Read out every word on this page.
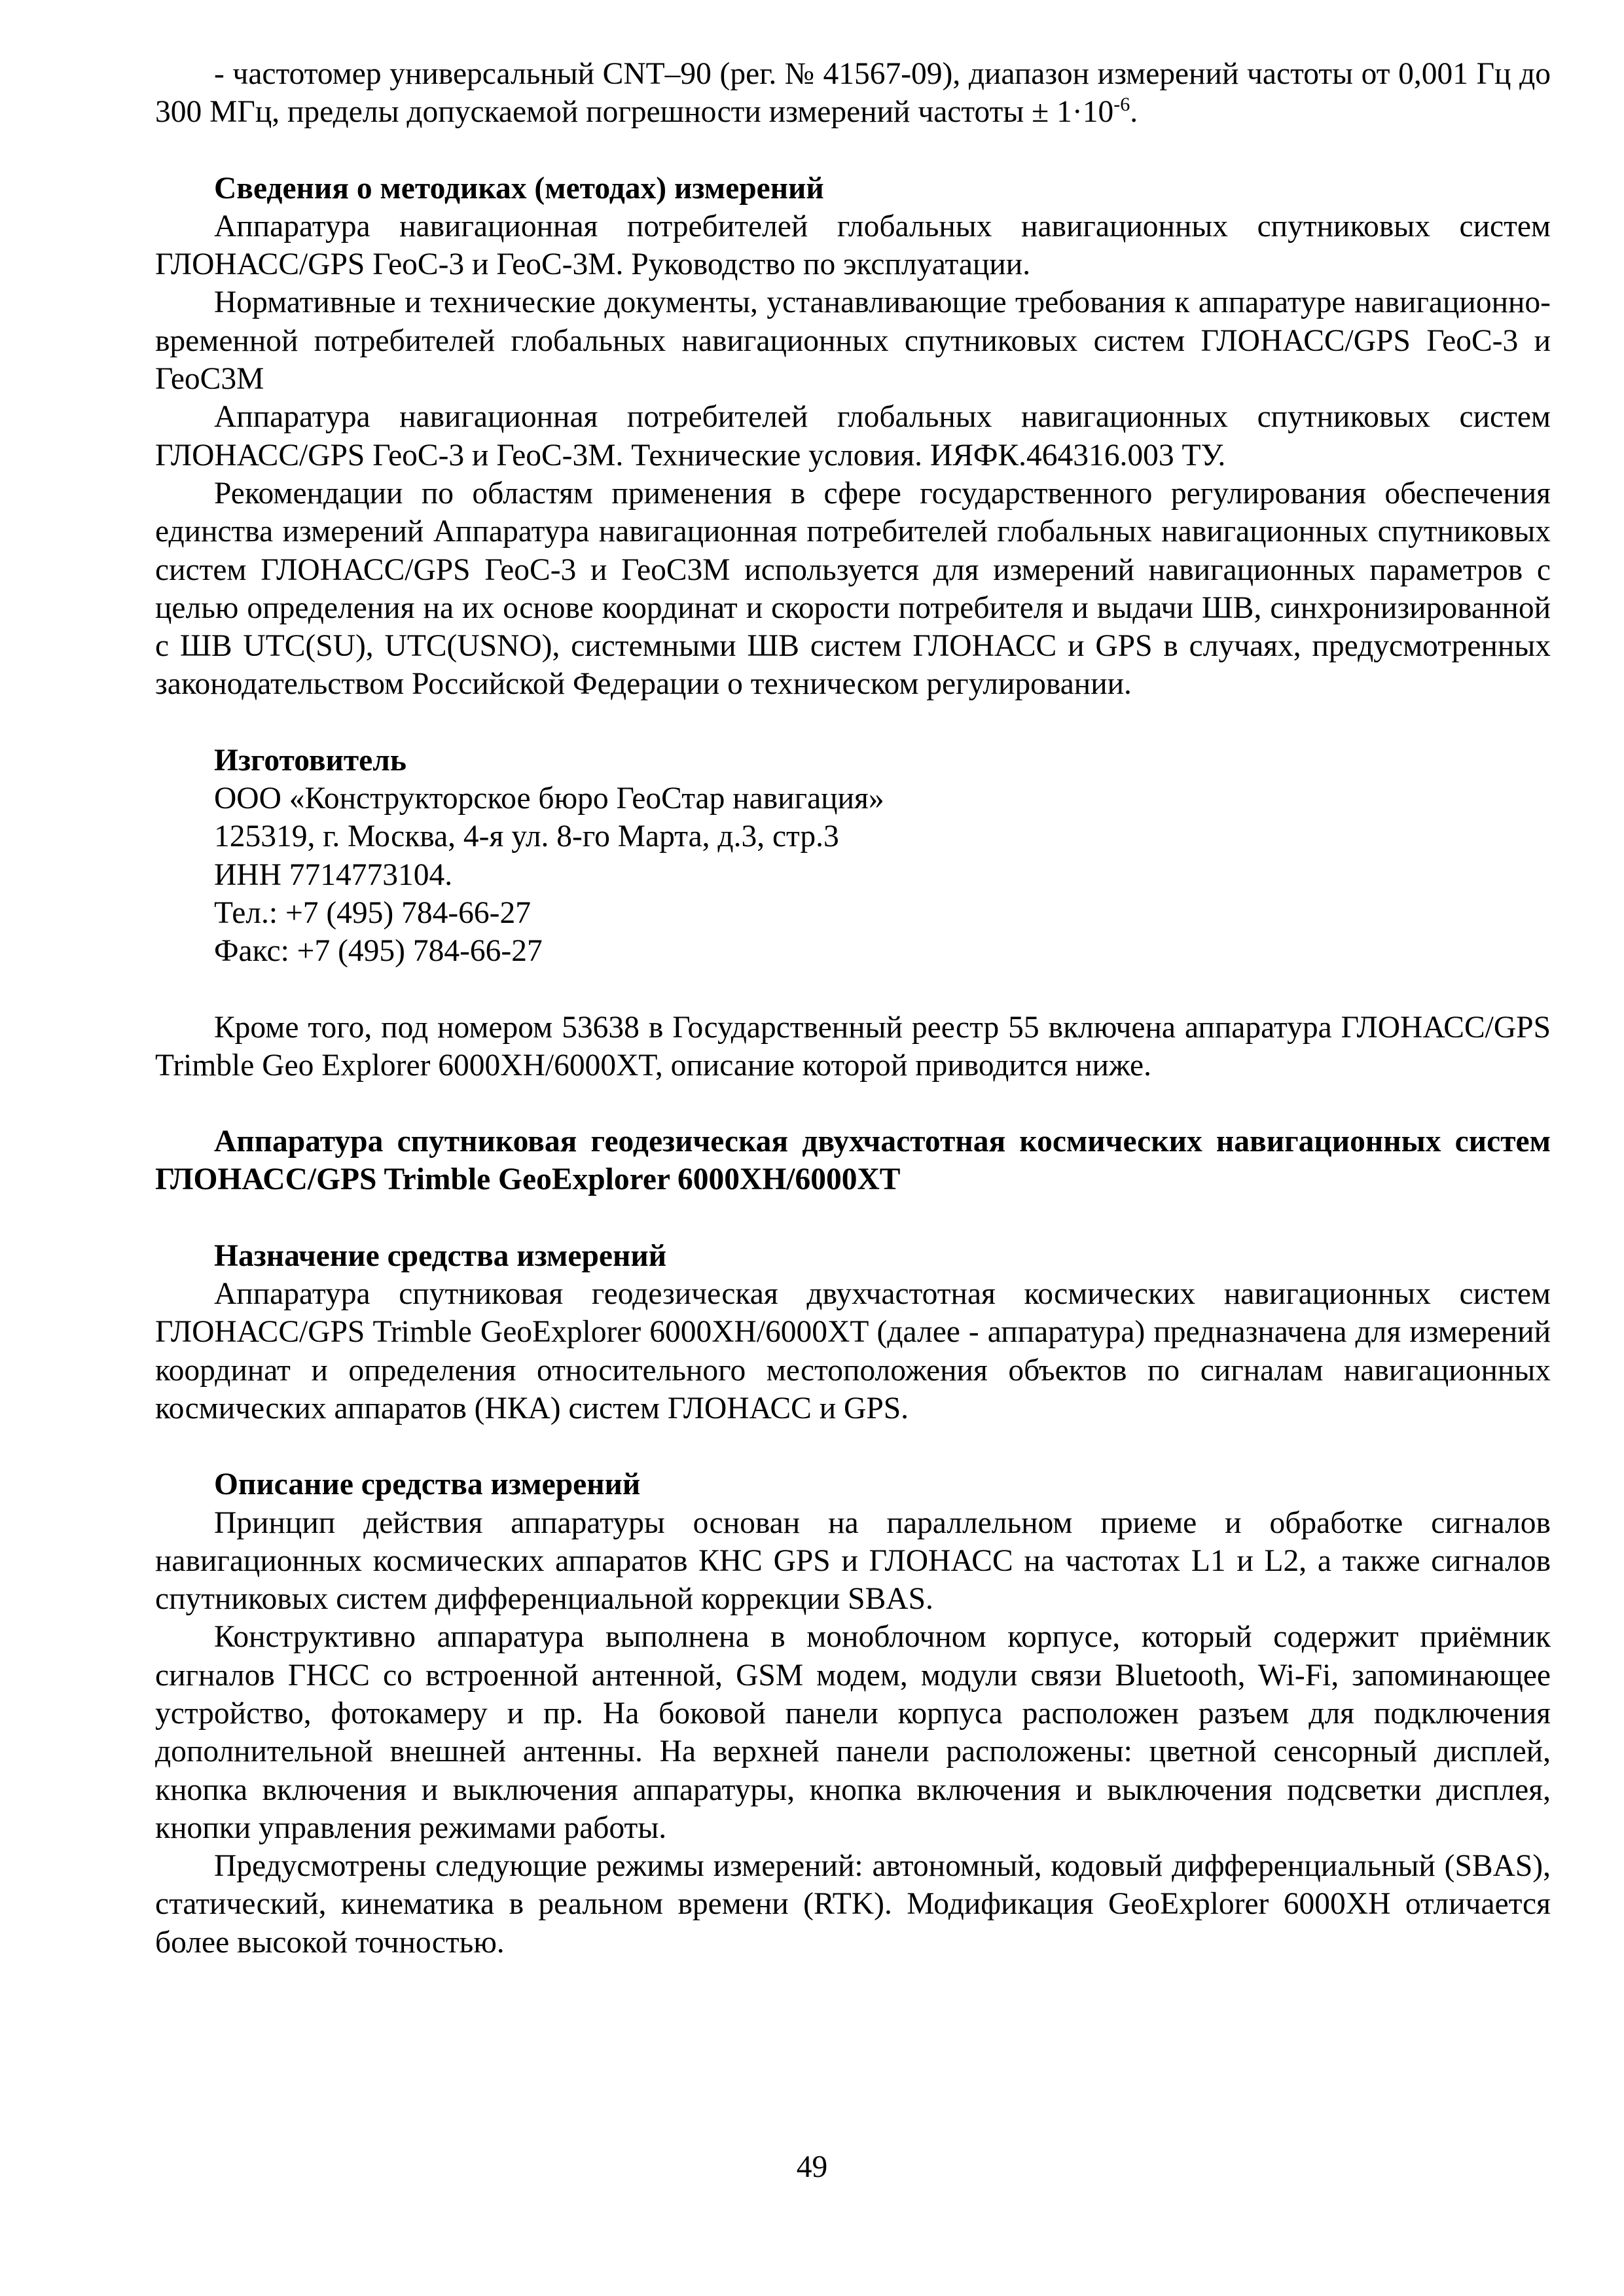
- частотомер универсальный CNT–90 (рег. № 41567-09), диапазон измерений частоты от 0,001 Гц до 300 МГц, пределы допускаемой погрешности измерений частоты ± $1\cdot 10^{-6}$.

Сведения о методиках (методах) измерений

Аппаратура навигационная потребителей глобальных навигационных спутниковых систем ГЛОНАСС/GPS ГеоС-3 и ГеоС-3М. Руководство по эксплуатации.

Нормативные и технические документы, устанавливающие требования к аппаратуре навигационно-временной потребителей глобальных навигационных спутниковых систем ГЛОНАСС/GPS ГеоС-3 и ГеоС3М

Аппаратура навигационная потребителей глобальных навигационных спутниковых систем ГЛОНАСС/GPS ГеоС-3 и ГеоС-3М. Технические условия. ИЯФК.464316.003 ТУ.

Рекомендации по областям применения в сфере государственного регулирования обеспечения единства измерений Аппаратура навигационная потребителей глобальных навигационных спутниковых систем ГЛОНАСС/GPS ГеоС-3 и ГеоС3М используется для измерений навигационных параметров с целью определения на их основе координат и скорости потребителя и выдачи ШВ, синхронизированной с ШВ UTC(SU), UTC(USNO), системными ШВ систем ГЛОНАСС и GPS в случаях, предусмотренных законодательством Российской Федерации о техническом регулировании.

Изготовитель

ООО «Конструкторское бюро ГеоСтар навигация»

125319, г. Москва, 4-я ул. 8-го Марта, д.3, стр.3

ИНН 7714773104.

Тел.: +7 (495) 784-66-27

Факс: +7 (495) 784-66-27

Кроме того, под номером 53638 в Государственный реестр 55 включена аппаратура ГЛОНАСС/GPS Trimble Geo Explorer 6000XH/6000XT, описание которой приводится ниже.

Аппаратура спутниковая геодезическая двухчастотная космических навигационных систем ГЛОНАСС/GPS Trimble GeoExplorer 6000XH/6000XT

Назначение средства измерений

Аппаратура спутниковая геодезическая двухчастотная космических навигационных систем ГЛОНАСС/GPS Trimble GeoExplorer 6000XH/6000XT (далее - аппаратура) предназначена для измерений координат и определения относительного местоположения объектов по сигналам навигационных космических аппаратов (НКА) систем ГЛОНАСС и GPS.

Описание средства измерений

Принцип действия аппаратуры основан на параллельном приеме и обработке сигналов навигационных космических аппаратов КНС GPS и ГЛОНАСС на частотах L1 и L2, а также сигналов спутниковых систем дифференциальной коррекции SBAS.

Конструктивно аппаратура выполнена в моноблочном корпусе, который содержит приёмник сигналов ГНСС со встроенной антенной, GSM модем, модули связи Bluetooth, Wi-Fi, запоминающее устройство, фотокамеру и пр. На боковой панели корпуса расположен разъем для подключения дополнительной внешней антенны. На верхней панели расположены: цветной сенсорный дисплей, кнопка включения и выключения аппаратуры, кнопка включения и выключения подсветки дисплея, кнопки управления режимами работы.

Предусмотрены следующие режимы измерений: автономный, кодовый дифференциальный (SBAS), статический, кинематика в реальном времени (RTK). Модификация GeoExplorer 6000XH отличается более высокой точностью.

49
